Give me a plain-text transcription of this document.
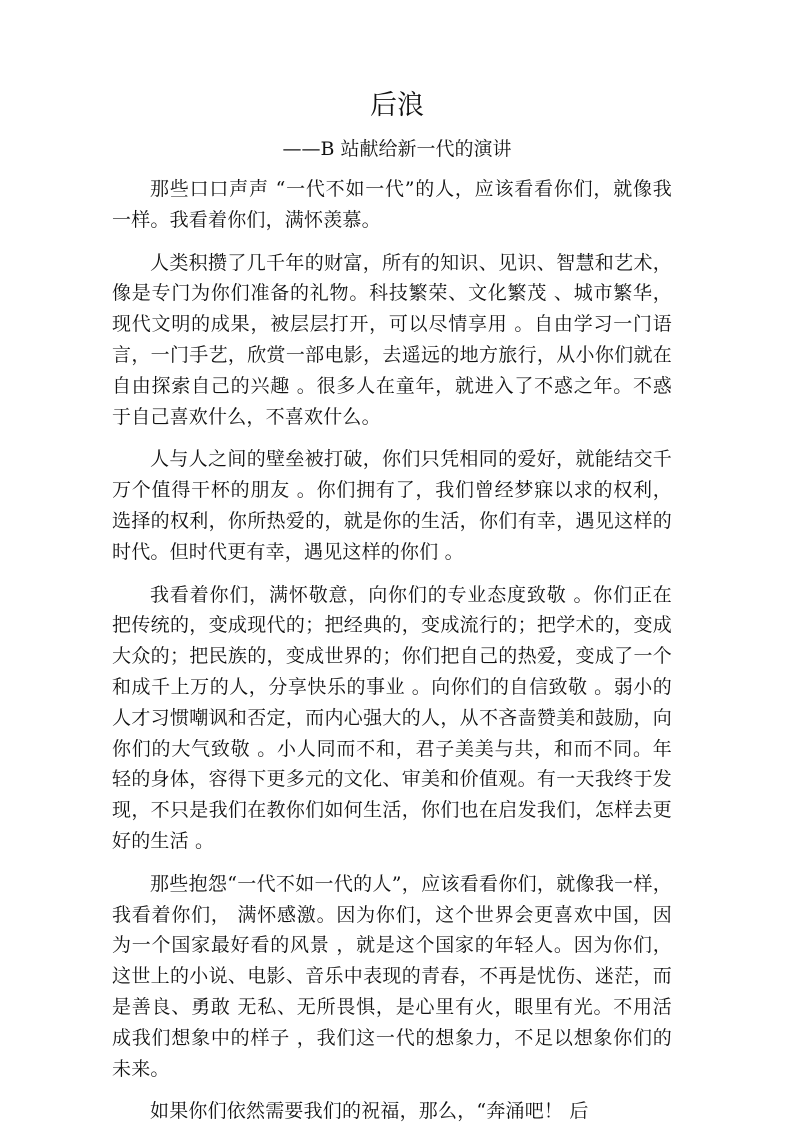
后浪
——B 站献给新一代的演讲

那些口口声声 “一代不如一代”的人，应该看看你们，就像我一样。我看着你们，满怀羡慕。

人类积攒了几千年的财富，所有的知识、见识、智慧和艺术，像是专门为你们准备的礼物。科技繁荣、文化繁茂 、城市繁华，现代文明的成果，被层层打开，可以尽情享用 。自由学习一门语言，一门手艺，欣赏一部电影，去遥远的地方旅行，从小你们就在自由探索自己的兴趣 。很多人在童年，就进入了不惑之年。不惑于自己喜欢什么，不喜欢什么。

人与人之间的壁垒被打破，你们只凭相同的爱好，就能结交千万个值得干杯的朋友 。你们拥有了，我们曾经梦寐以求的权利，选择的权利，你所热爱的，就是你的生活，你们有幸，遇见这样的时代。但时代更有幸，遇见这样的你们 。

我看着你们，满怀敬意，向你们的专业态度致敬 。你们正在把传统的，变成现代的；把经典的，变成流行的；把学术的，变成大众的；把民族的，变成世界的；你们把自己的热爱，变成了一个和成千上万的人，分享快乐的事业 。向你们的自信致敬 。弱小的人才习惯嘲讽和否定，而内心强大的人，从不吝啬赞美和鼓励，向你们的大气致敬 。小人同而不和，君子美美与共，和而不同。年轻的身体，容得下更多元的文化、审美和价值观。有一天我终于发现，不只是我们在教你们如何生活，你们也在启发我们，怎样去更好的生活 。

那些抱怨“一代不如一代的人”，应该看看你们，就像我一样，我看着你们， 满怀感激。因为你们，这个世界会更喜欢中国，因为一个国家最好看的风景 ，就是这个国家的年轻人。因为你们，这世上的小说、电影、音乐中表现的青春，不再是忧伤、迷茫，而是善良、勇敢 无私、无所畏惧，是心里有火，眼里有光。不用活成我们想象中的样子 ，我们这一代的想象力，不足以想象你们的未来。

如果你们依然需要我们的祝福，那么，“奔涌吧！ 后
